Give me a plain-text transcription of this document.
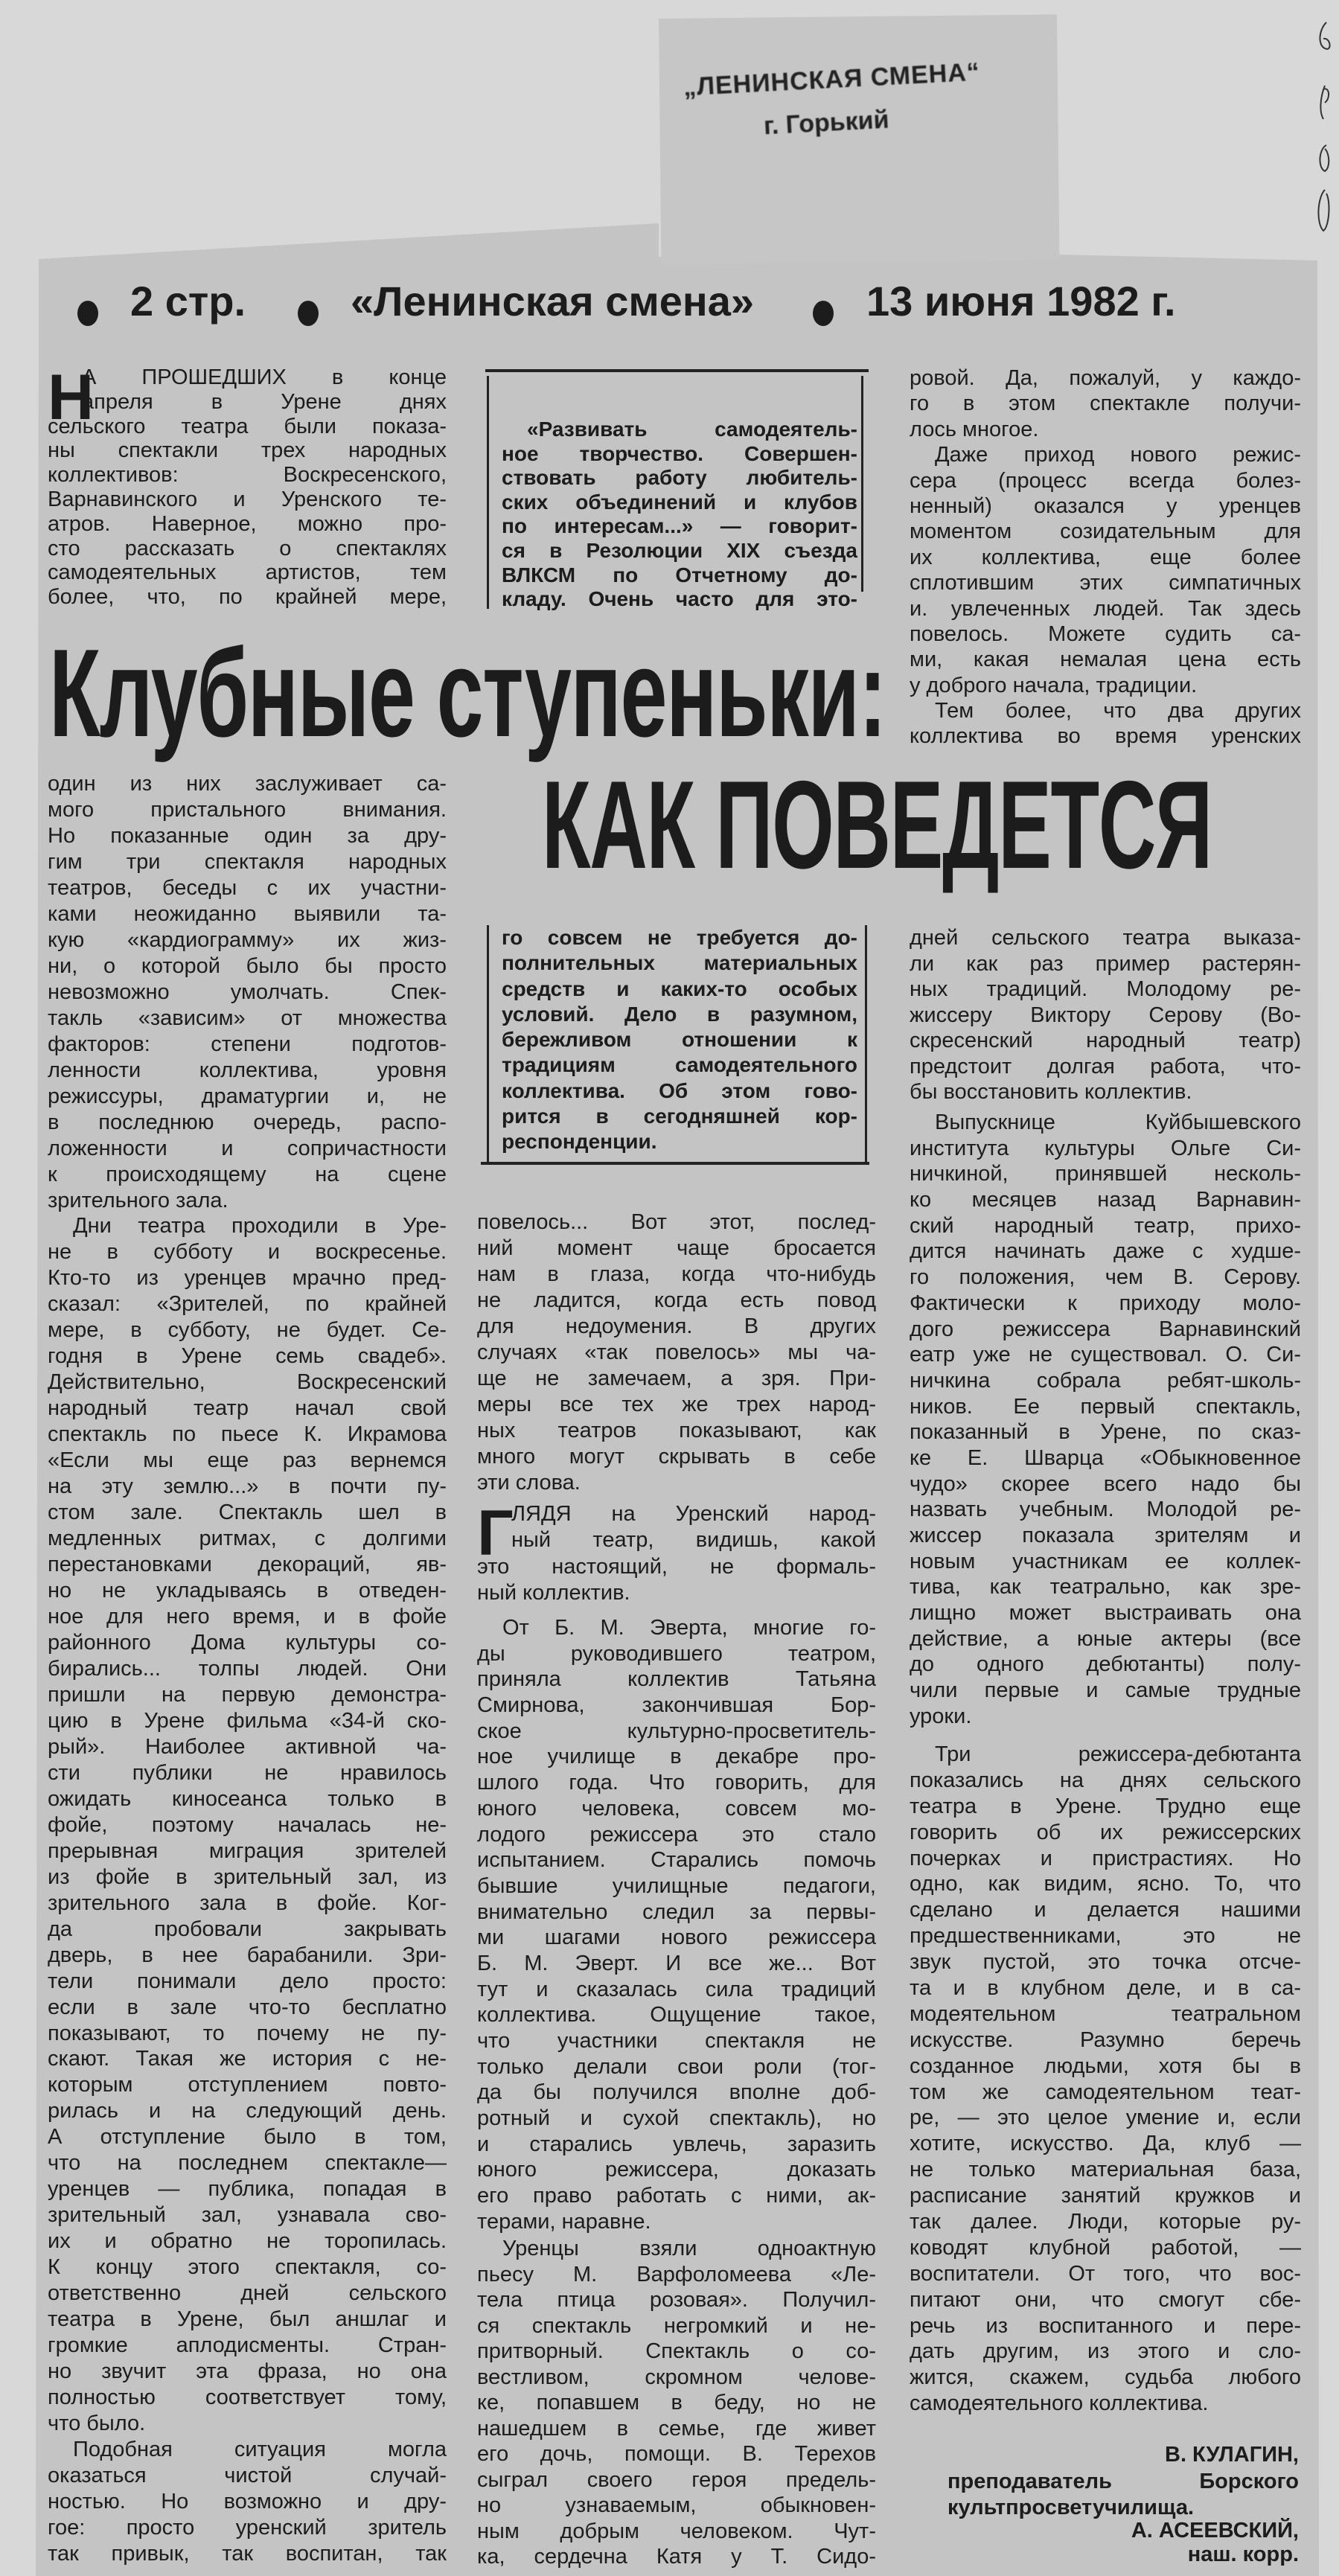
„ЛЕНИНСКАЯ СМЕНА“
г. Горький
2 стр.	«Ленинская смена»	13 июня 1982 г.
Клубные ступеньки:
КАК ПОВЕДЕТСЯ
Н
А ПРОШЕДШИХ в конце
апреля в Урене днях
сельского театра были показа-
ны спектакли трех народных
коллективов: Воскресенского,
Варнавинского и Уренского те-
атров. Наверное, можно про-
сто рассказать о спектаклях
самодеятельных артистов, тем
более, что, по крайней мере,
«Развивать самодеятель-
ное творчество. Совершен-
ствовать работу любитель-
ских объединений и клубов
по интересам...» — говорит-
ся в Резолюции XIX съезда
ВЛКСМ по Отчетному до-
кладу. Очень часто для это-
ровой. Да, пожалуй, у каждо-
го в этом спектакле получи-
лось многое.
Даже приход нового режис-
сера (процесс всегда болез-
ненный) оказался у уренцев
моментом созидательным для
их коллектива, еще более
сплотившим этих симпатичных
и. увлеченных людей. Так здесь
повелось. Можете судить са-
ми, какая немалая цена есть
у доброго начала, традиции.
Тем более, что два других
коллектива во время уренских
один из них заслуживает са-
мого пристального внимания.
Но показанные один за дру-
гим три спектакля народных
театров, беседы с их участни-
ками неожиданно выявили та-
кую «кардиограмму» их жиз-
ни, о которой было бы просто
невозможно умолчать. Спек-
такль «зависим» от множества
факторов: степени подготов-
ленности коллектива, уровня
режиссуры, драматургии и, не
в последнюю очередь, распо-
ложенности и сопричастности
к происходящему на сцене
зрительного зала.
Дни театра проходили в Уре-
не в субботу и воскресенье.
Кто-то из уренцев мрачно пред-
сказал: «Зрителей, по крайней
мере, в субботу, не будет. Се-
годня в Урене семь свадеб».
Действительно, Воскресенский
народный театр начал свой
спектакль по пьесе К. Икрамова
«Если мы еще раз вернемся
на эту землю...» в почти пу-
стом зале. Спектакль шел в
медленных ритмах, с долгими
перестановками декораций, яв-
но не укладываясь в отведен-
ное для него время, и в фойе
районного Дома культуры со-
бирались... толпы людей. Они
пришли на первую демонстра-
цию в Урене фильма «34-й ско-
рый». Наиболее активной ча-
сти публики не нравилось
ожидать киносеанса только в
фойе, поэтому началась не-
прерывная миграция зрителей
из фойе в зрительный зал, из
зрительного зала в фойе. Ког-
да пробовали закрывать
дверь, в нее барабанили. Зри-
тели понимали дело просто:
если в зале что-то бесплатно
показывают, то почему не пу-
скают. Такая же история с не-
которым отступлением повто-
рилась и на следующий день.
А отступление было в том,
что на последнем спектакле—
уренцев — публика, попадая в
зрительный зал, узнавала сво-
их и обратно не торопилась.
К концу этого спектакля, со-
ответственно дней сельского
театра в Урене, был аншлаг и
громкие аплодисменты. Стран-
но звучит эта фраза, но она
полностью соответствует тому,
что было.
Подобная ситуация могла
оказаться чистой случай-
ностью. Но возможно и дру-
гое: просто уренский зритель
так привык, так воспитан, так
го совсем не требуется до-
полнительных материальных
средств и каких-то особых
условий. Дело в разумном,
бережливом отношении к
традициям самодеятельного
коллектива. Об этом гово-
рится в сегодняшней кор-
респонденции.
повелось... Вот этот, послед-
ний момент чаще бросается
нам в глаза, когда что-нибудь
не ладится, когда есть повод
для недоумения. В других
случаях «так повелось» мы ча-
ще не замечаем, а зря. При-
меры все тех же трех народ-
ных театров показывают, как
много могут скрывать в себе
эти слова.
Г
ЛЯДЯ на Уренский народ-
ный театр, видишь, какой
это настоящий, не формаль-
ный коллектив.
От Б. М. Эверта, многие го-
ды руководившего театром,
приняла коллектив Татьяна
Смирнова, закончившая Бор-
ское культурно-просветитель-
ное училище в декабре про-
шлого года. Что говорить, для
юного человека, совсем мо-
лодого режиссера это стало
испытанием. Старались помочь
бывшие училищные педагоги,
внимательно следил за первы-
ми шагами нового режиссера
Б. М. Эверт. И все же... Вот
тут и сказалась сила традиций
коллектива. Ощущение такое,
что участники спектакля не
только делали свои роли (тог-
да бы получился вполне доб-
ротный и сухой спектакль), но
и старались увлечь, заразить
юного режиссера, доказать
его право работать с ними, ак-
терами, наравне.
Уренцы взяли одноактную
пьесу М. Варфоломеева «Ле-
тела птица розовая». Получил-
ся спектакль негромкий и не-
притворный. Спектакль о со-
вестливом, скромном челове-
ке, попавшем в беду, но не
нашедшем в семье, где живет
его дочь, помощи. В. Терехов
сыграл своего героя предель-
но узнаваемым, обыкновен-
ным добрым человеком. Чут-
ка, сердечна Катя у Т. Сидо-
дней сельского театра выказа-
ли как раз пример растерян-
ных традиций. Молодому ре-
жиссеру Виктору Серову (Во-
скресенский народный театр)
предстоит долгая работа, что-
бы восстановить коллектив.
Выпускнице Куйбышевского
института культуры Ольге Си-
ничкиной, принявшей несколь-
ко месяцев назад Варнавин-
ский народный театр, прихо-
дится начинать даже с худше-
го положения, чем В. Серову.
Фактически к приходу моло-
дого режиссера Варнавинский
еатр уже не существовал. О. Си-
ничкина собрала ребят-школь-
ников. Ее первый спектакль,
показанный в Урене, по сказ-
ке Е. Шварца «Обыкновенное
чудо» скорее всего надо бы
назвать учебным. Молодой ре-
жиссер показала зрителям и
новым участникам ее коллек-
тива, как театрально, как зре-
лищно может выстраивать она
действие, а юные актеры (все
до одного дебютанты) полу-
чили первые и самые трудные
уроки.
Три режиссера-дебютанта
показались на днях сельского
театра в Урене. Трудно еще
говорить об их режиссерских
почерках и пристрастиях. Но
одно, как видим, ясно. То, что
сделано и делается нашими
предшественниками, это не
звук пустой, это точка отсче-
та и в клубном деле, и в са-
модеятельном театральном
искусстве. Разумно беречь
созданное людьми, хотя бы в
том же самодеятельном теат-
ре, — это целое умение и, если
хотите, искусство. Да, клуб —
не только материальная база,
расписание занятий кружков и
так далее. Люди, которые ру-
ководят клубной работой, —
воспитатели. От того, что вос-
питают они, что смогут сбе-
речь из воспитанного и пере-
дать другим, из этого и сло-
жится, скажем, судьба любого
самодеятельного коллектива.
В. КУЛАГИН,
преподаватель Борского
культпросветучилища.
А. АСЕЕВСКИЙ,
наш. корр.
